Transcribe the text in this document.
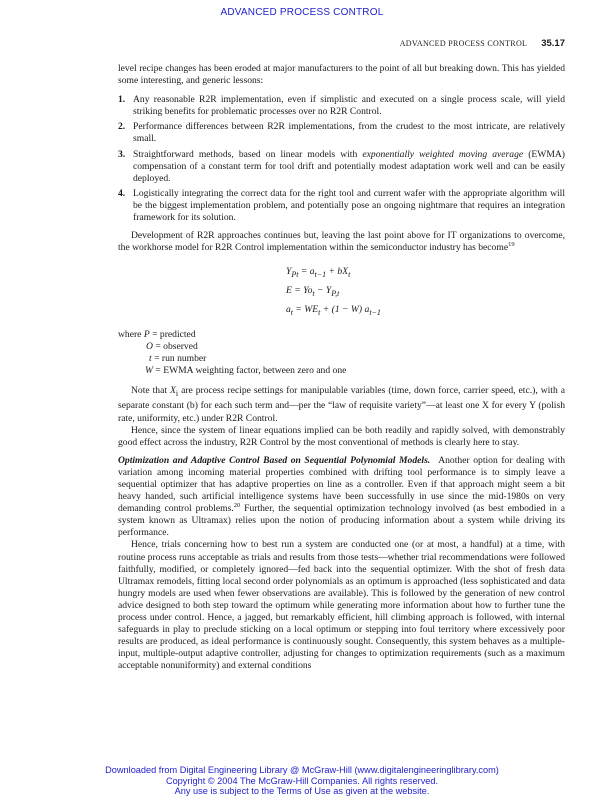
ADVANCED PROCESS CONTROL
ADVANCED PROCESS CONTROL 35.17

level recipe changes has been eroded at major manufacturers to the point of all but breaking down. This has yielded some interesting, and generic lessons:

1. Any reasonable R2R implementation, even if simplistic and executed on a single process scale, will yield striking benefits for problematic processes over no R2R Control.
2. Performance differences between R2R implementations, from the crudest to the most intricate, are relatively small.
3. Straightforward methods, based on linear models with exponentially weighted moving average (EWMA) compensation of a constant term for tool drift and potentially modest adaptation work well and can be easily deployed.
4. Logistically integrating the correct data for the right tool and current wafer with the appropriate algorithm will be the biggest implementation problem, and potentially pose an ongoing nightmare that requires an integration framework for its solution.

Development of R2R approaches continues but, leaving the last point above for IT organizations to overcome, the workhorse model for R2R Control implementation within the semiconductor industry has become$^{19}$

$Y_{Pt} = a_{t-1} + bX_t$
$E = Yo_t - Y_{P,t}$
$a_t = WE_t + (1 - W)$ $a_{t-1}$
where P = predicted
O = observed
t = run number
W = EWMA weighting factor, between zero and one

Note that $X_i$ are process recipe settings for manipulable variables (time, down force, carrier speed, etc.), with a separate constant (b) for each such term and—per the “law of requisite variety”—at least one X for every Y (polish rate, uniformity, etc.) under R2R Control.

Hence, since the system of linear equations implied can be both readily and rapidly solved, with demonstrably good effect across the industry, R2R Control by the most conventional of methods is clearly here to stay.

Optimization and Adaptive Control Based on Sequential Polynomial Models. Another option for dealing with variation among incoming material properties combined with drifting tool performance is to simply leave a sequential optimizer that has adaptive properties on line as a controller. Even if that approach might seem a bit heavy handed, such artificial intelligence systems have been successfully in use since the mid-1980s on very demanding control problems.$^{20}$ Further, the sequential optimization technology involved (as best embodied in a system known as Ultramax) relies upon the notion of producing information about a system while driving its performance.

Hence, trials concerning how to best run a system are conducted one (or at most, a handful) at a time, with routine process runs acceptable as trials and results from those tests—whether trial recommendations were followed faithfully, modified, or completely ignored—fed back into the sequential optimizer. With the shot of fresh data Ultramax remodels, fitting local second order polynomials as an optimum is approached (less sophisticated and data hungry models are used when fewer observations are available). This is followed by the generation of new control advice designed to both step toward the optimum while generating more information about how to further tune the process under control. Hence, a jagged, but remarkably efficient, hill climbing approach is followed, with internal safeguards in play to preclude sticking on a local optimum or stepping into foul territory where excessively poor results are produced, as ideal performance is continuously sought. Consequently, this system behaves as a multiple-input, multiple-output adaptive controller, adjusting for changes to optimization requirements (such as a maximum acceptable nonuniformity) and external conditions

Downloaded from Digital Engineering Library @ McGraw-Hill (www.digitalengineeringlibrary.com)
Copyright © 2004 The McGraw-Hill Companies. All rights reserved.
Any use is subject to the Terms of Use as given at the website.
